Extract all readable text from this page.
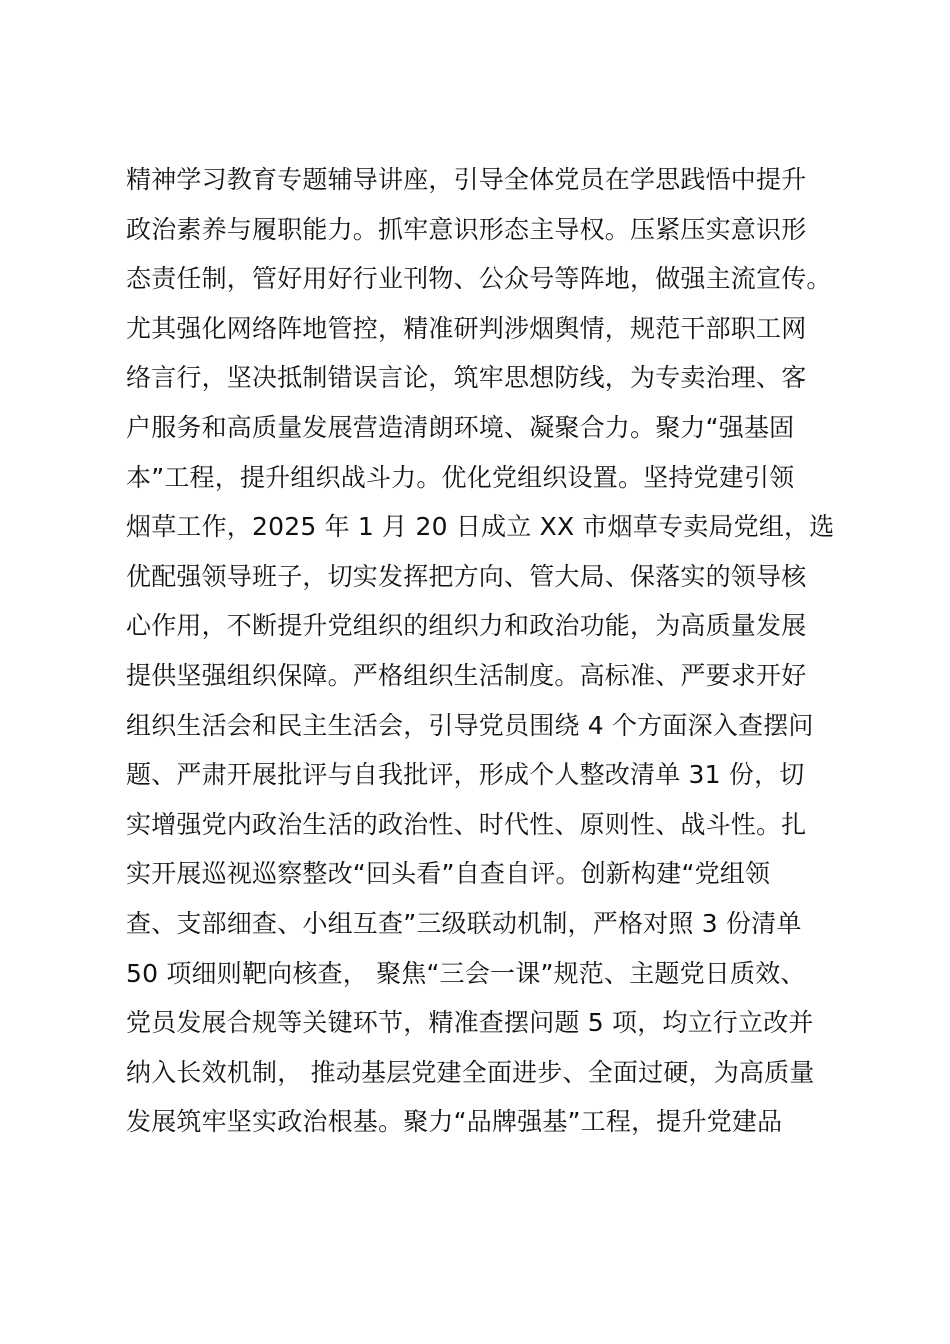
精神学习教育专题辅导讲座，引导全体党员在学思践悟中提升
政治素养与履职能力。抓牢意识形态主导权。压紧压实意识形
态责任制，管好用好行业刊物、公众号等阵地，做强主流宣传。
尤其强化网络阵地管控，精准研判涉烟舆情，规范干部职工网
络言行，坚决抵制错误言论，筑牢思想防线，为专卖治理、客
户服务和高质量发展营造清朗环境、凝聚合力。聚力“强基固
本”工程，提升组织战斗力。优化党组织设置。坚持党建引领
烟草工作，2025 年 1 月 20 日成立 XX 市烟草专卖局党组，选
优配强领导班子，切实发挥把方向、管大局、保落实的领导核
心作用，不断提升党组织的组织力和政治功能，为高质量发展
提供坚强组织保障。严格组织生活制度。高标准、严要求开好
组织生活会和民主生活会，引导党员围绕 4 个方面深入查摆问
题、严肃开展批评与自我批评，形成个人整改清单 31 份，切
实增强党内政治生活的政治性、时代性、原则性、战斗性。扎
实开展巡视巡察整改“回头看”自查自评。创新构建“党组领
查、支部细查、小组互查”三级联动机制，严格对照 3 份清单
50 项细则靶向核查， 聚焦“三会一课”规范、主题党日质效、
党员发展合规等关键环节，精准查摆问题 5 项，均立行立改并
纳入长效机制， 推动基层党建全面进步、全面过硬，为高质量
发展筑牢坚实政治根基。聚力“品牌强基”工程，提升党建品
